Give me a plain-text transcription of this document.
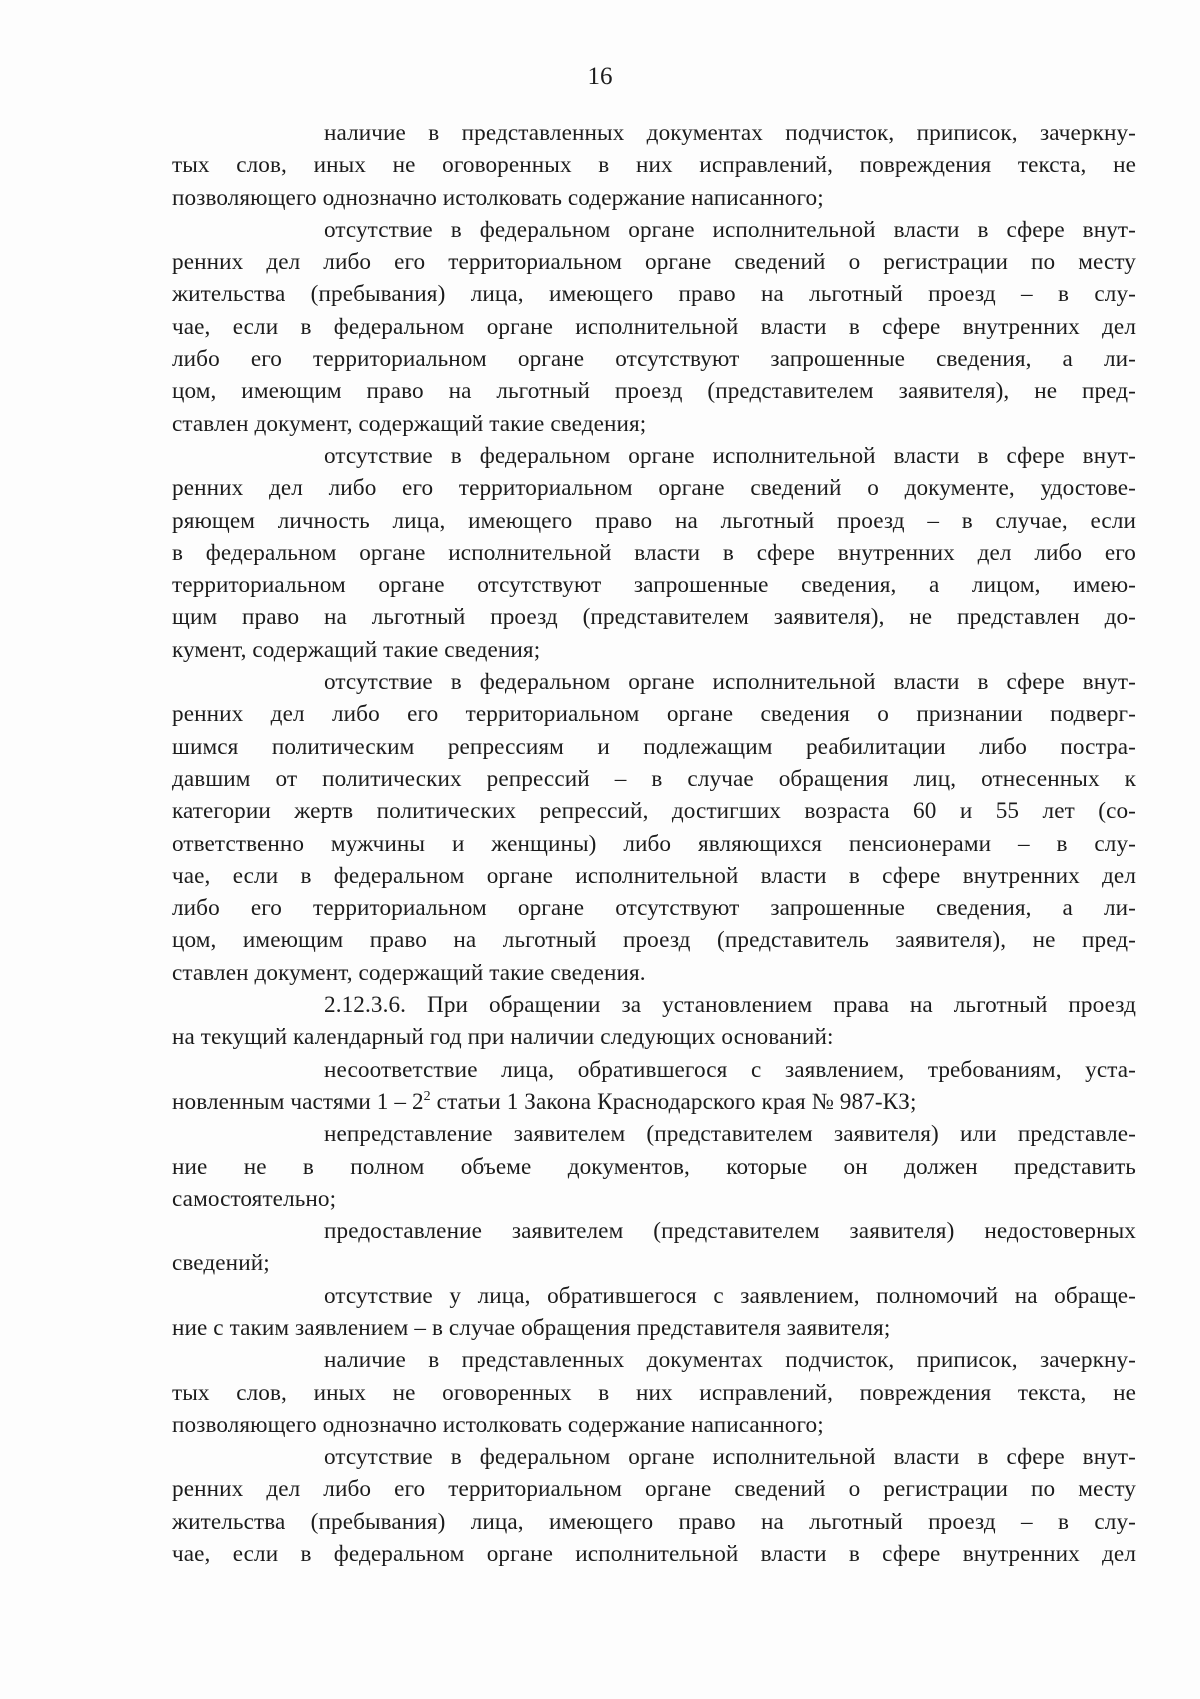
16
наличие в представленных документах подчисток, приписок, зачеркну-
тых слов, иных не оговоренных в них исправлений, повреждения текста, не
позволяющего однозначно истолковать содержание написанного;
отсутствие в федеральном органе исполнительной власти в сфере внут-
ренних дел либо его территориальном органе сведений о регистрации по месту
жительства (пребывания) лица, имеющего право на льготный проезд – в слу-
чае, если в федеральном органе исполнительной власти в сфере внутренних дел
либо его территориальном органе отсутствуют запрошенные сведения, а ли-
цом, имеющим право на льготный проезд (представителем заявителя), не пред-
ставлен документ, содержащий такие сведения;
отсутствие в федеральном органе исполнительной власти в сфере внут-
ренних дел либо его территориальном органе сведений о документе, удостове-
ряющем личность лица, имеющего право на льготный проезд – в случае, если
в федеральном органе исполнительной власти в сфере внутренних дел либо его
территориальном органе отсутствуют запрошенные сведения, а лицом, имею-
щим право на льготный проезд (представителем заявителя), не представлен до-
кумент, содержащий такие сведения;
отсутствие в федеральном органе исполнительной власти в сфере внут-
ренних дел либо его территориальном органе сведения о признании подверг-
шимся политическим репрессиям и подлежащим реабилитации либо постра-
давшим от политических репрессий – в случае обращения лиц, отнесенных к
категории жертв политических репрессий, достигших возраста 60 и 55 лет (со-
ответственно мужчины и женщины) либо являющихся пенсионерами – в слу-
чае, если в федеральном органе исполнительной власти в сфере внутренних дел
либо его территориальном органе отсутствуют запрошенные сведения, а ли-
цом, имеющим право на льготный проезд (представитель заявителя), не пред-
ставлен документ, содержащий такие сведения.
2.12.3.6. При обращении за установлением права на льготный проезд
на текущий календарный год при наличии следующих оснований:
несоответствие лица, обратившегося с заявлением, требованиям, уста-
новленным частями $1 - 2^2$ статьи 1 Закона Краснодарского края № 987-КЗ;
непредставление заявителем (представителем заявителя) или представле-
ние не в полном объеме документов, которые он должен представить
самостоятельно;
предоставление заявителем (представителем заявителя) недостоверных
сведений;
отсутствие у лица, обратившегося с заявлением, полномочий на обраще-
ние с таким заявлением – в случае обращения представителя заявителя;
наличие в представленных документах подчисток, приписок, зачеркну-
тых слов, иных не оговоренных в них исправлений, повреждения текста, не
позволяющего однозначно истолковать содержание написанного;
отсутствие в федеральном органе исполнительной власти в сфере внут-
ренних дел либо его территориальном органе сведений о регистрации по месту
жительства (пребывания) лица, имеющего право на льготный проезд – в слу-
чае, если в федеральном органе исполнительной власти в сфере внутренних дел
